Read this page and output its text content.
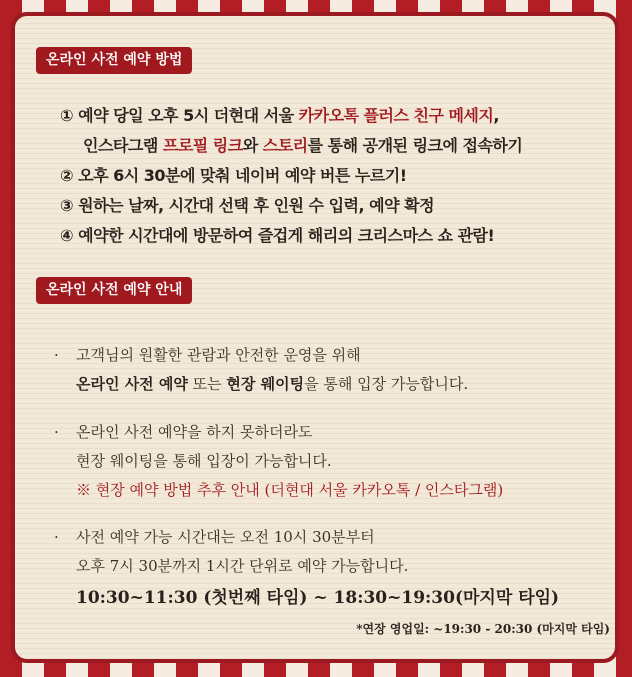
온라인 사전 예약 방법
① 예약 당일 오후 5시 더현대 서울 카카오톡 플러스 친구 메세지,
인스타그램 프로필 링크와 스토리를 통해 공개된 링크에 접속하기
② 오후 6시 30분에 맞춰 네이버 예약 버튼 누르기!
③ 원하는 날짜, 시간대 선택 후 인원 수 입력, 예약 확정
④ 예약한 시간대에 방문하여 즐겁게 해리의 크리스마스 쇼 관람!
온라인 사전 예약 안내
· 고객님의 원활한 관람과 안전한 운영을 위해
온라인 사전 예약 또는 현장 웨이팅을 통해 입장 가능합니다.
· 온라인 사전 예약을 하지 못하더라도
현장 웨이팅을 통해 입장이 가능합니다.
※ 현장 예약 방법 추후 안내 (더현대 서울 카카오톡 / 인스타그램)
· 사전 예약 가능 시간대는 오전 10시 30분부터
오후 7시 30분까지 1시간 단위로 예약 가능합니다.
10:30~11:30 (첫번째 타임) ~ 18:30~19:30(마지막 타임)
*연장 영업일: ~19:30 - 20:30 (마지막 타임)
